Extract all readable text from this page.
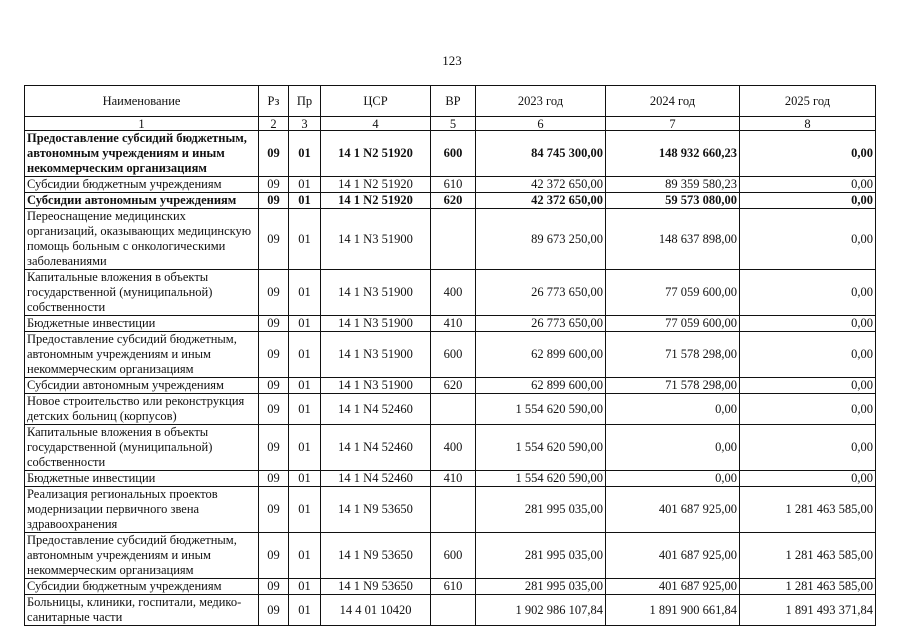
123
Наименование	Рз	Пр	ЦСР	ВР	2023 год	2024 год	2025 год
1	2	3	4	5	6	7	8
Предоставление субсидий бюджетным, автономным учреждениям и иным некоммерческим организациям	09	01	14 1 N2 51920	600	84 745 300,00	148 932 660,23	0,00
Субсидии бюджетным учреждениям	09	01	14 1 N2 51920	610	42 372 650,00	89 359 580,23	0,00
Субсидии автономным учреждениям	09	01	14 1 N2 51920	620	42 372 650,00	59 573 080,00	0,00
Переоснащение медицинских организаций, оказывающих медицинскую помощь больным с онкологическими заболеваниями	09	01	14 1 N3 51900		89 673 250,00	148 637 898,00	0,00
Капитальные вложения в объекты государственной (муниципальной) собственности	09	01	14 1 N3 51900	400	26 773 650,00	77 059 600,00	0,00
Бюджетные инвестиции	09	01	14 1 N3 51900	410	26 773 650,00	77 059 600,00	0,00
Предоставление субсидий бюджетным, автономным учреждениям и иным некоммерческим организациям	09	01	14 1 N3 51900	600	62 899 600,00	71 578 298,00	0,00
Субсидии автономным учреждениям	09	01	14 1 N3 51900	620	62 899 600,00	71 578 298,00	0,00
Новое строительство или реконструкция детских больниц (корпусов)	09	01	14 1 N4 52460		1 554 620 590,00	0,00	0,00
Капитальные вложения в объекты государственной (муниципальной) собственности	09	01	14 1 N4 52460	400	1 554 620 590,00	0,00	0,00
Бюджетные инвестиции	09	01	14 1 N4 52460	410	1 554 620 590,00	0,00	0,00
Реализация региональных проектов модернизации первичного звена здравоохранения	09	01	14 1 N9 53650		281 995 035,00	401 687 925,00	1 281 463 585,00
Предоставление субсидий бюджетным, автономным учреждениям и иным некоммерческим организациям	09	01	14 1 N9 53650	600	281 995 035,00	401 687 925,00	1 281 463 585,00
Субсидии бюджетным учреждениям	09	01	14 1 N9 53650	610	281 995 035,00	401 687 925,00	1 281 463 585,00
Больницы, клиники, госпитали, медико-санитарные части	09	01	14 4 01 10420		1 902 986 107,84	1 891 900 661,84	1 891 493 371,84
